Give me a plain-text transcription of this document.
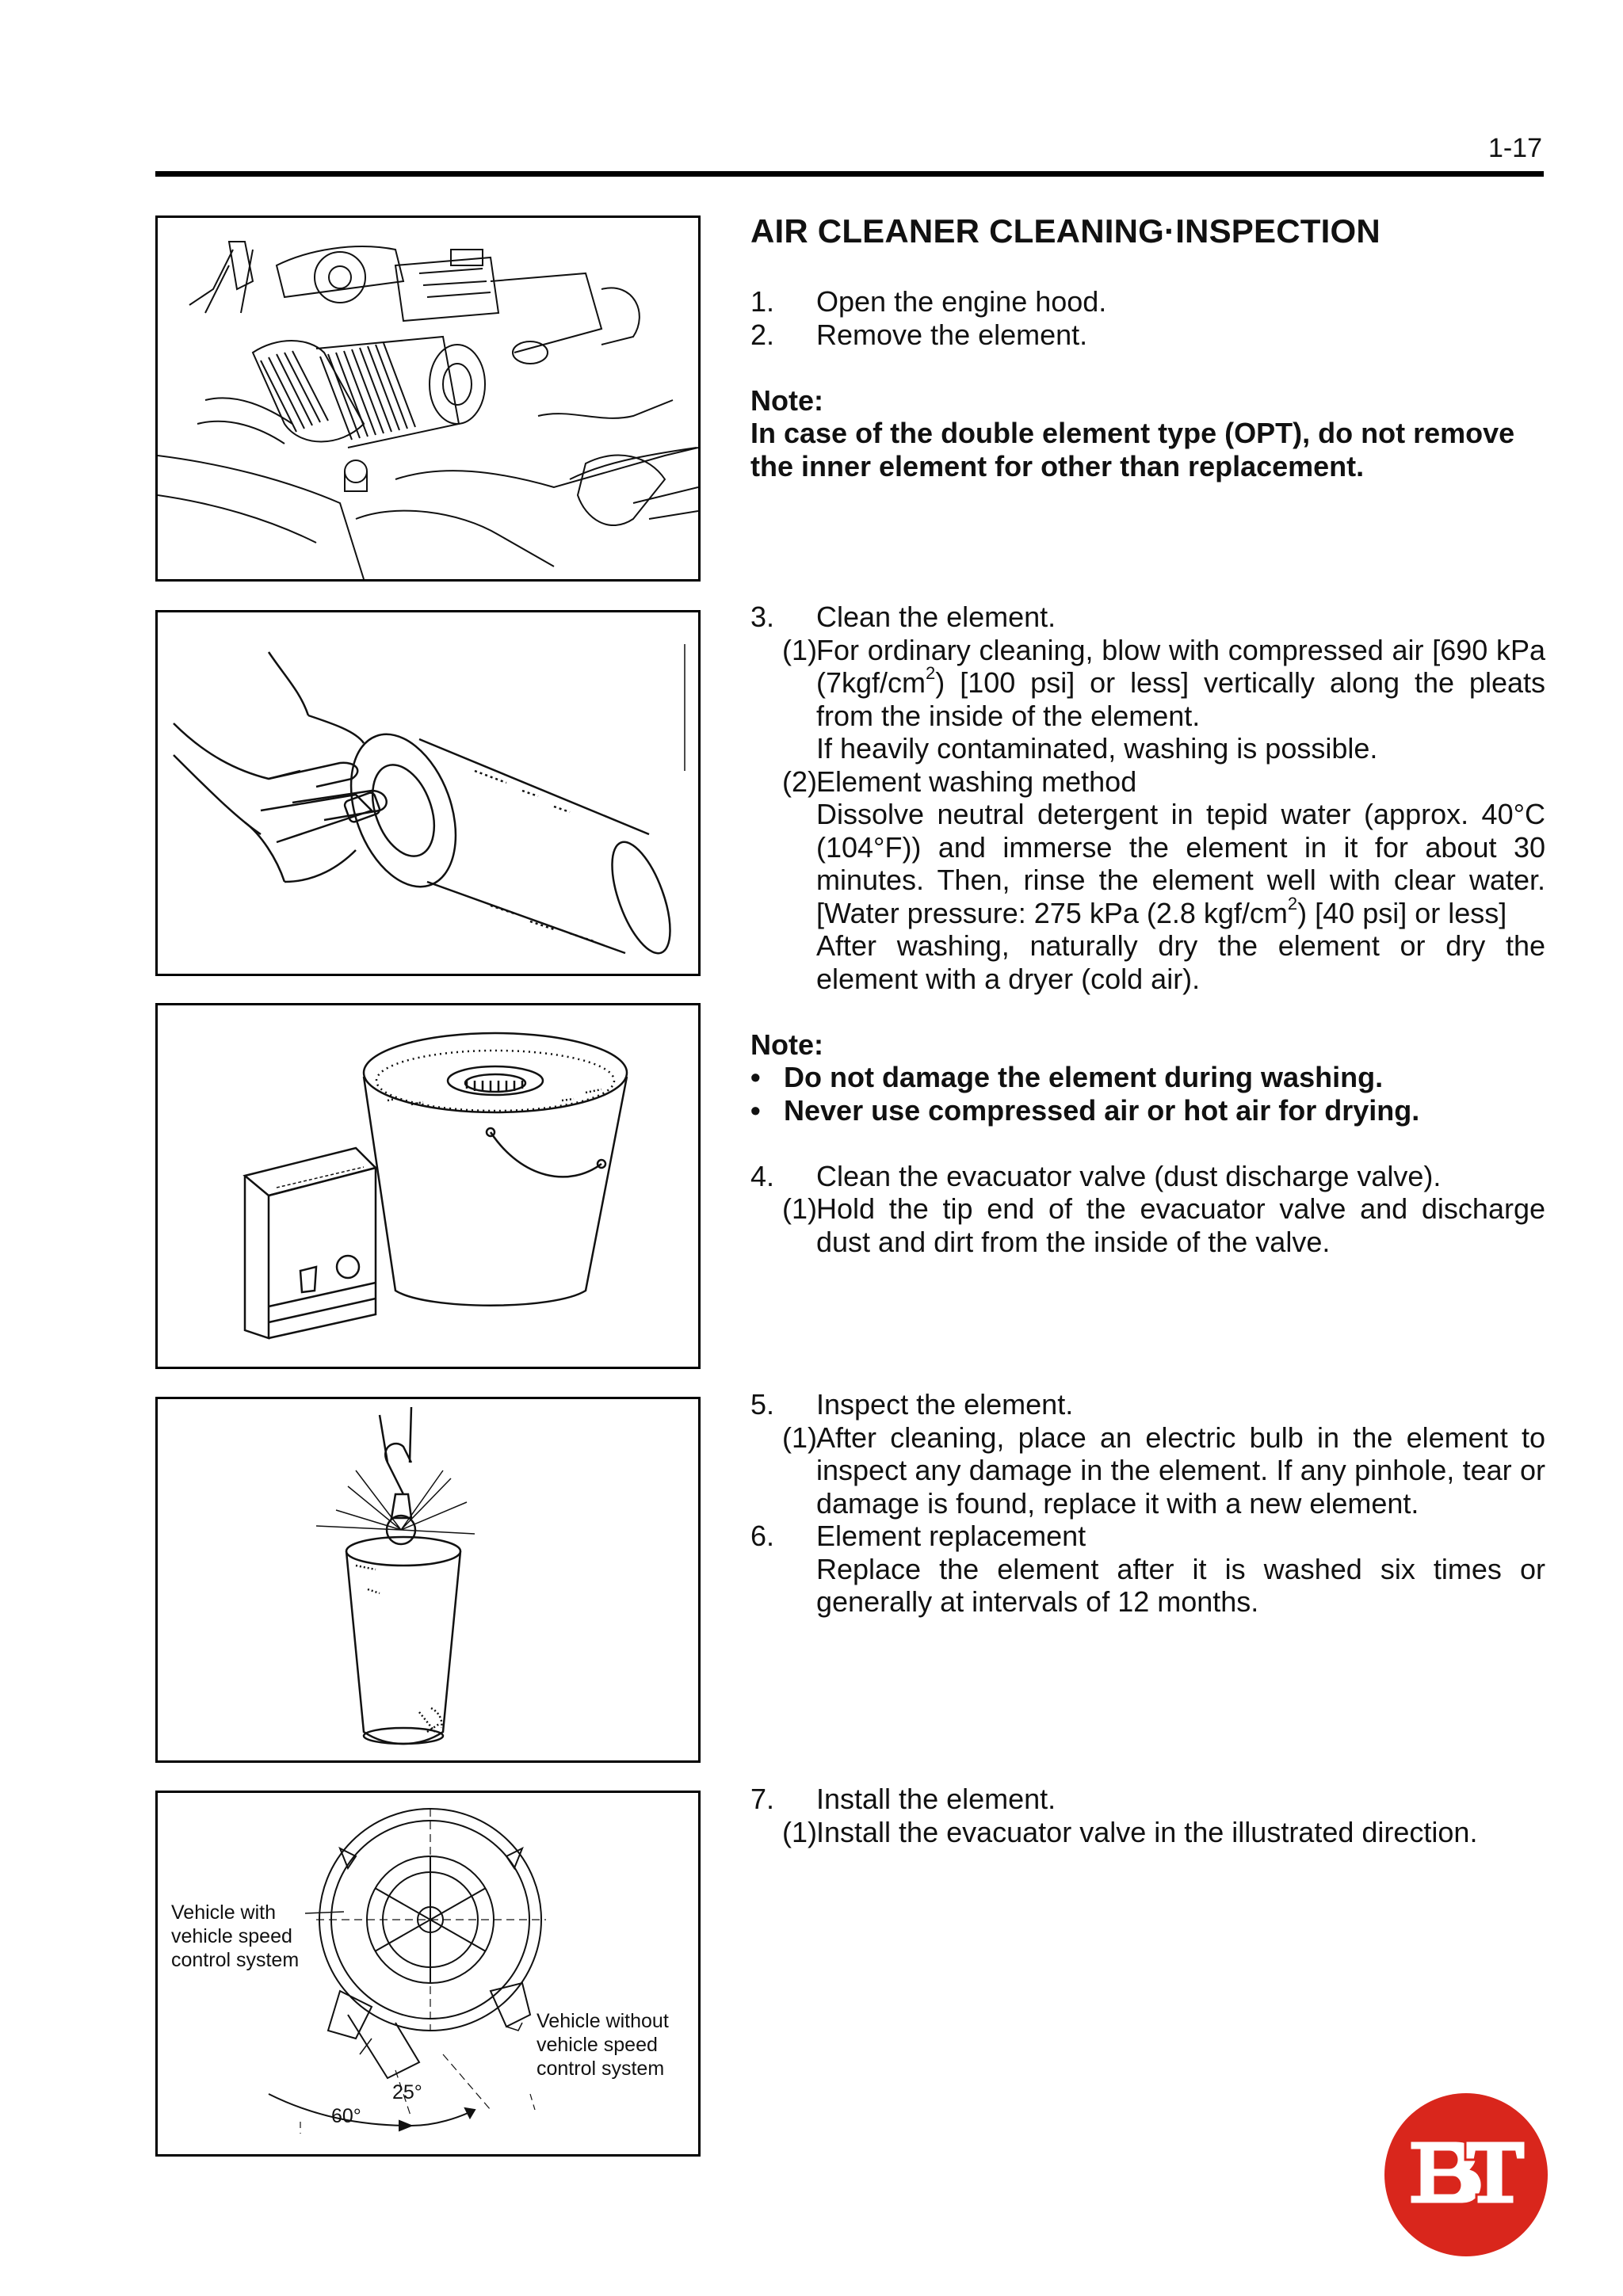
1-17
Vehicle with
vehicle speed
control system
Vehicle without
vehicle speed
control system
25°
60°
AIR CLEANER CLEANING·INSPECTION
1.	Open the engine hood.
2.	Remove the element.
Note:
In case of the double element type (OPT), do not remove the inner element for other than replacement.
3.	Clean the element.
(1) For ordinary cleaning, blow with compressed air [690 kPa $(7kgf/cm^2)$ [100 psi] or less] vertically along the pleats from the inside of the element.
If heavily contaminated, washing is possible.
(2) Element washing method
Dissolve neutral detergent in tepid water (approx. 40°C (104°F)) and immerse the element in it for about 30 minutes. Then, rinse the element well with clear water. [Water pressure: 275 kPa (2.8 kgf/$cm^2$) [40 psi] or less]
After washing, naturally dry the element or dry the element with a dryer (cold air).
Note:
• Do not damage the element during washing.
• Never use compressed air or hot air for drying.
4.	Clean the evacuator valve (dust discharge valve).
(1) Hold the tip end of the evacuator valve and discharge dust and dirt from the inside of the valve.
5.	Inspect the element.
(1) After cleaning, place an electric bulb in the element to inspect any damage in the element. If any pinhole, tear or damage is found, replace it with a new element.
6.	Element replacement
Replace the element after it is washed six times or generally at intervals of 12 months.
7.	Install the element.
(1) Install the evacuator valve in the illustrated direction.
